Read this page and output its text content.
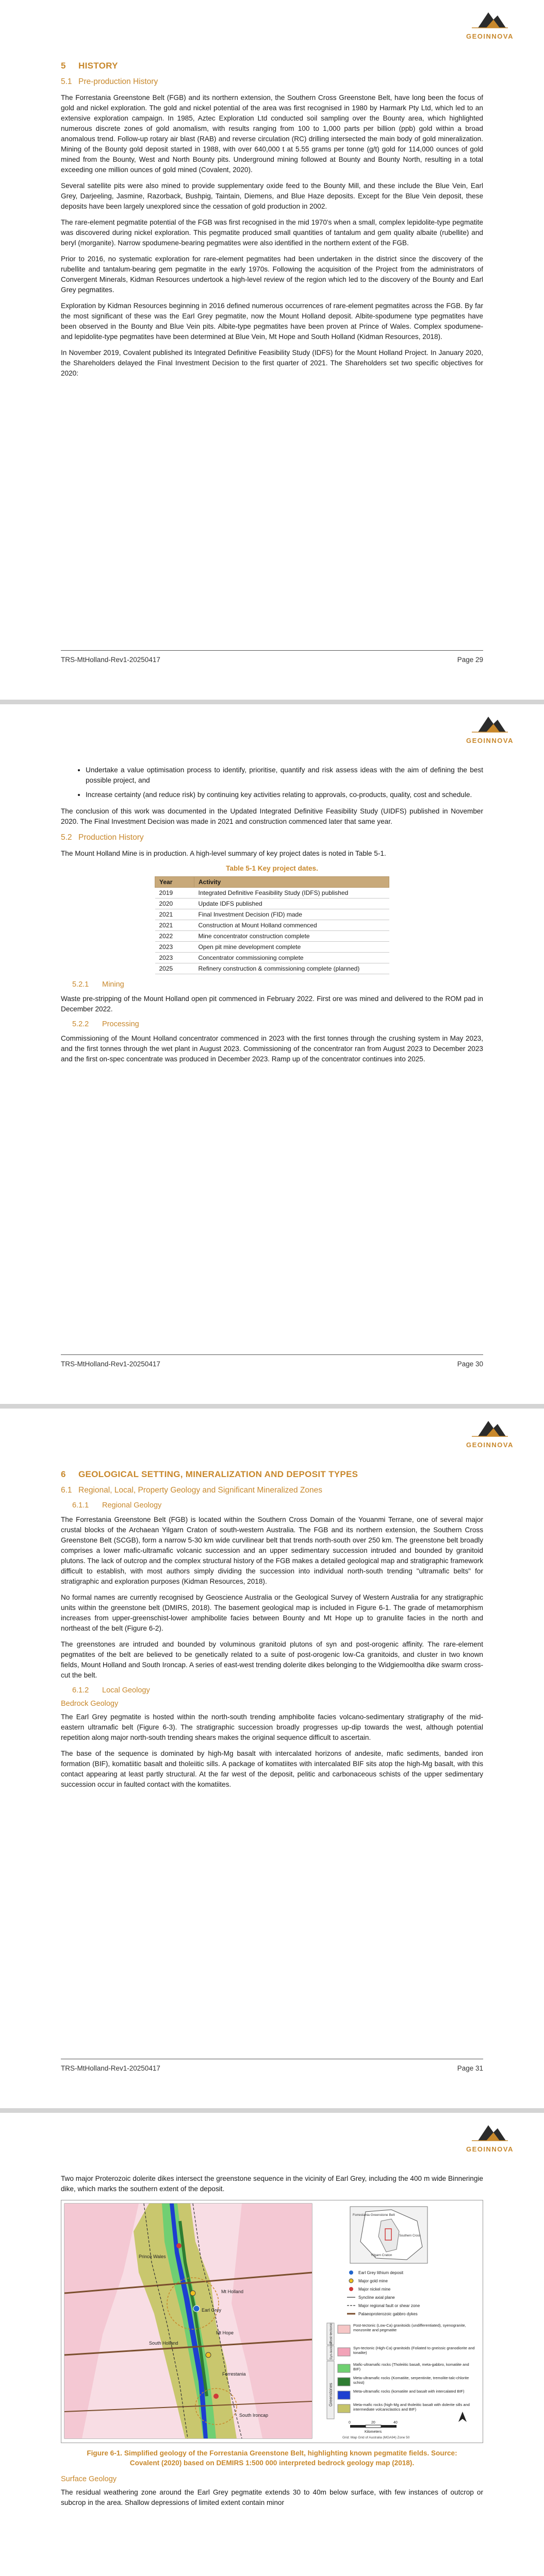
GEOINNOVA
5 HISTORY
5.1 Pre-production History

The Forrestania Greenstone Belt (FGB) and its northern extension, the Southern Cross Greenstone Belt, have long been the focus of gold and nickel exploration. The gold and nickel potential of the area was first recognised in 1980 by Harmark Pty Ltd, which led to an extensive exploration campaign. In 1985, Aztec Exploration Ltd conducted soil sampling over the Bounty area, which highlighted numerous discrete zones of gold anomalism, with results ranging from 100 to 1,000 parts per billion (ppb) gold within a broad anomalous trend. Follow-up rotary air blast (RAB) and reverse circulation (RC) drilling intersected the main body of gold mineralization. Mining of the Bounty gold deposit started in 1988, with over 640,000 t at 5.55 grams per tonne (g/t) gold for 114,000 ounces of gold mined from the Bounty, West and North Bounty pits. Underground mining followed at Bounty and Bounty North, resulting in a total exceeding one million ounces of gold mined (Covalent, 2020).

Several satellite pits were also mined to provide supplementary oxide feed to the Bounty Mill, and these include the Blue Vein, Earl Grey, Darjeeling, Jasmine, Razorback, Bushpig, Taintain, Diemens, and Blue Haze deposits. Except for the Blue Vein deposit, these deposits have been largely unexplored since the cessation of gold production in 2002.

The rare-element pegmatite potential of the FGB was first recognised in the mid 1970's when a small, complex lepidolite-type pegmatite was discovered during nickel exploration. This pegmatite produced small quantities of tantalum and gem quality albaite (rubellite) and beryl (morganite). Narrow spodumene-bearing pegmatites were also identified in the northern extent of the FGB.

Prior to 2016, no systematic exploration for rare-element pegmatites had been undertaken in the district since the discovery of the rubellite and tantalum-bearing gem pegmatite in the early 1970s. Following the acquisition of the Project from the administrators of Convergent Minerals, Kidman Resources undertook a high-level review of the region which led to the discovery of the Bounty and Earl Grey pegmatites.

Exploration by Kidman Resources beginning in 2016 defined numerous occurrences of rare-element pegmatites across the FGB. By far the most significant of these was the Earl Grey pegmatite, now the Mount Holland deposit. Albite-spodumene type pegmatites have been observed in the Bounty and Blue Vein pits. Albite-type pegmatites have been proven at Prince of Wales. Complex spodumene- and lepidolite-type pegmatites have been determined at Blue Vein, Mt Hope and South Holland (Kidman Resources, 2018).

In November 2019, Covalent published its Integrated Definitive Feasibility Study (IDFS) for the Mount Holland Project. In January 2020, the Shareholders delayed the Final Investment Decision to the first quarter of 2021. The Shareholders set two specific objectives for 2020:

TRS-MtHolland-Rev1-20250417	Page 29
GEOINNOVA
• Undertake a value optimisation process to identify, prioritise, quantify and risk assess ideas with the aim of defining the best possible project, and
• Increase certainty (and reduce risk) by continuing key activities relating to approvals, co-products, quality, cost and schedule.

The conclusion of this work was documented in the Updated Integrated Definitive Feasibility Study (UIDFS) published in November 2020. The Final Investment Decision was made in 2021 and construction commenced later that same year.

5.2 Production History

The Mount Holland Mine is in production. A high-level summary of key project dates is noted in Table 5-1.

Table 5-1 Key project dates.
Year	Activity
2019	Integrated Definitive Feasibility Study (IDFS) published
2020	Update IDFS published
2021	Final Investment Decision (FID) made
2021	Construction at Mount Holland commenced
2022	Mine concentrator construction complete
2023	Open pit mine development complete
2023	Concentrator commissioning complete
2025	Refinery construction & commissioning complete (planned)
5.2.1 Mining

Waste pre-stripping of the Mount Holland open pit commenced in February 2022. First ore was mined and delivered to the ROM pad in December 2022.

5.2.2 Processing

Commissioning of the Mount Holland concentrator commenced in 2023 with the first tonnes through the crushing system in May 2023, and the first tonnes through the wet plant in August 2023. Commissioning of the concentrator ran from August 2023 to December 2023 and the first on-spec concentrate was produced in December 2023. Ramp up of the concentrator continues into 2025.

TRS-MtHolland-Rev1-20250417	Page 30
GEOINNOVA
6 GEOLOGICAL SETTING, MINERALIZATION AND DEPOSIT TYPES
6.1 Regional, Local, Property Geology and Significant Mineralized Zones
6.1.1 Regional Geology

The Forrestania Greenstone Belt (FGB) is located within the Southern Cross Domain of the Youanmi Terrane, one of several major crustal blocks of the Archaean Yilgarn Craton of south-western Australia. The FGB and its northern extension, the Southern Cross Greenstone Belt (SCGB), form a narrow 5-30 km wide curvilinear belt that trends north-south over 250 km. The greenstone belt broadly comprises a lower mafic-ultramafic volcanic succession and an upper sedimentary succession intruded and bounded by granitoid plutons. The lack of outcrop and the complex structural history of the FGB makes a detailed geological map and stratigraphic framework difficult to establish, with most authors simply dividing the succession into individual north-south trending "ultramafic belts" for stratigraphic and exploration purposes (Kidman Resources, 2018).

No formal names are currently recognised by Geoscience Australia or the Geological Survey of Western Australia for any stratigraphic units within the greenstone belt (DMIRS, 2018). The basement geological map is included in Figure 6-1. The grade of metamorphism increases from upper-greenschist-lower amphibolite facies between Bounty and Mt Hope up to granulite facies in the north and northeast of the belt (Figure 6-2).

The greenstones are intruded and bounded by voluminous granitoid plutons of syn and post-orogenic affinity. The rare-element pegmatites of the belt are believed to be genetically related to a suite of post-orogenic low-Ca granitoids, and cluster in two known fields, Mount Holland and South Ironcap. A series of east-west trending dolerite dikes belonging to the Widgiemooltha dike swarm cross-cut the belt.

6.1.2 Local Geology
Bedrock Geology

The Earl Grey pegmatite is hosted within the north-south trending amphibolite facies volcano-sedimentary stratigraphy of the mid-eastern ultramafic belt (Figure 6-3). The stratigraphic succession broadly progresses up-dip towards the west, although potential repetition along major north-south trending shears makes the original sequence difficult to ascertain.

The base of the sequence is dominated by high-Mg basalt with intercalated horizons of andesite, mafic sediments, banded iron formation (BIF), komatiitic basalt and tholeiitic sills. A package of komatiites with intercalated BIF sits atop the high-Mg basalt, with this contact appearing at least partly structural. At the far west of the deposit, pelitic and carbonaceous schists of the upper sedimentary succession occur in faulted contact with the komatiites.

TRS-MtHolland-Rev1-20250417	Page 31
GEOINNOVA

Two major Proterozoic dolerite dikes intersect the greenstone sequence in the vicinity of Earl Grey, including the 400 m wide Binneringie dike, which marks the southern extent of the deposit.

Prince Wales
Mt Holland
Earl Grey
Mt Hope
South Holland
Forrestania
South Ironcap
Forrestania Greenstone Belt
Yilgarn Craton
Southern Cross
Earl Grey lithium deposit
Major gold mine
Major nickel mine
Syncline axial plane
Major regional fault or shear zone
Palaeoproterozoic gabbro dykes
Post-tectonic
Syn-tectonic
Greenstones
Post-tectonic (Low-Ca) granitoids (undifferentiated), syenogranite, monzonite and pegmatite
Syn-tectonic (High-Ca) granitoids (Foliated to gneissic granodiorite and tonalite)
Mafic-ultramafic rocks (Tholeiitic basalt, meta-gabbro, komatiite and BIF)
Meta-ultramafic rocks (Komatiite, serpentinite, tremolite-talc-chlorite schist)
Meta-ultramafic rocks (komatiite and basalt with intercalated BIF)
Meta-mafic rocks (high-Mg and tholeiitic basalt with dolerite sills and intermediate volcaniclastics and BIF)
0	20	40
Kilometers
Grid: Map Grid of Australia (MGA94) Zone 50
Figure 6-1. Simplified geology of the Forrestania Greenstone Belt, highlighting known pegmatite fields. Source: Covalent (2020) based on DEMIRS 1:500 000 interpreted bedrock geology map (2018).
Surface Geology

The residual weathering zone around the Earl Grey pegmatite extends 30 to 40m below surface, with few instances of outcrop or subcrop in the area. Shallow depressions of limited extent contain minor
